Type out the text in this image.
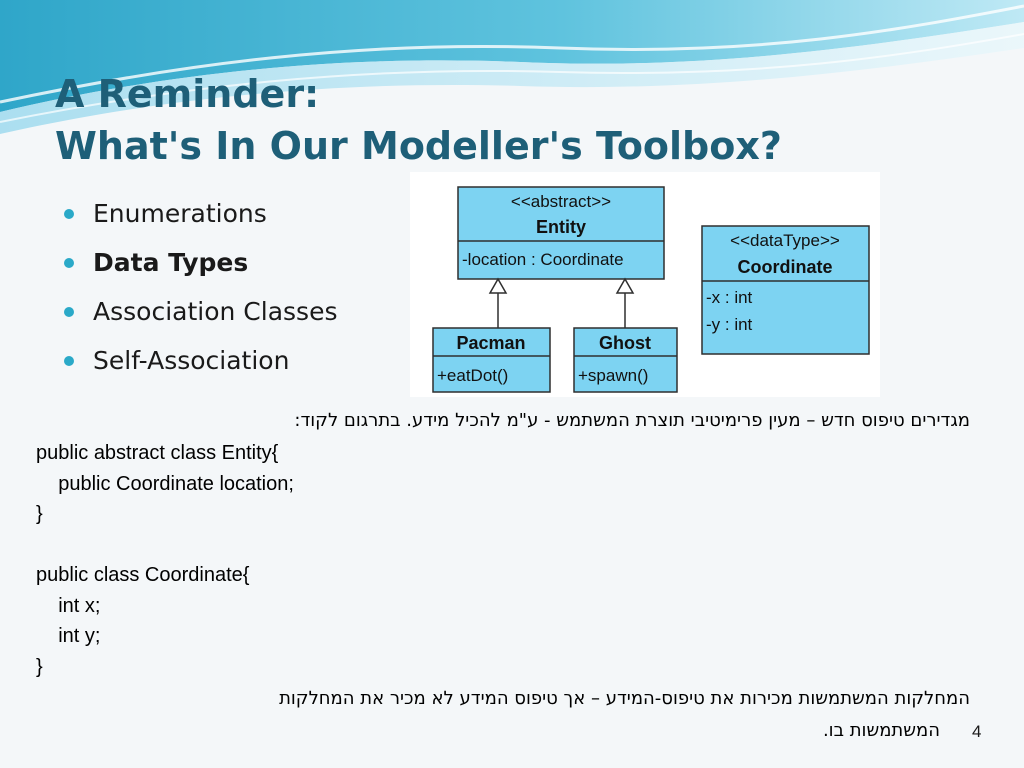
A Reminder:
What's In Our Modeller's Toolbox?
Enumerations
Data Types
Association Classes
Self-Association
<<abstract>>
Entity
-location : Coordinate
Pacman
+eatDot()
Ghost
+spawn()
<<dataType>>
Coordinate
-x : int
-y : int
מגדירים טיפוס חדש – מעין פרימיטיבי תוצרת המשתמש - ע"מ להכיל מידע. בתרגום לקוד:
public abstract class Entity{
public Coordinate location;
}
public class Coordinate{
int x;
int y;
}
המחלקות המשתמשות מכירות את טיפוס-המידע – אך טיפוס המידע לא מכיר את המחלקות
המשתמשות בו. 4
